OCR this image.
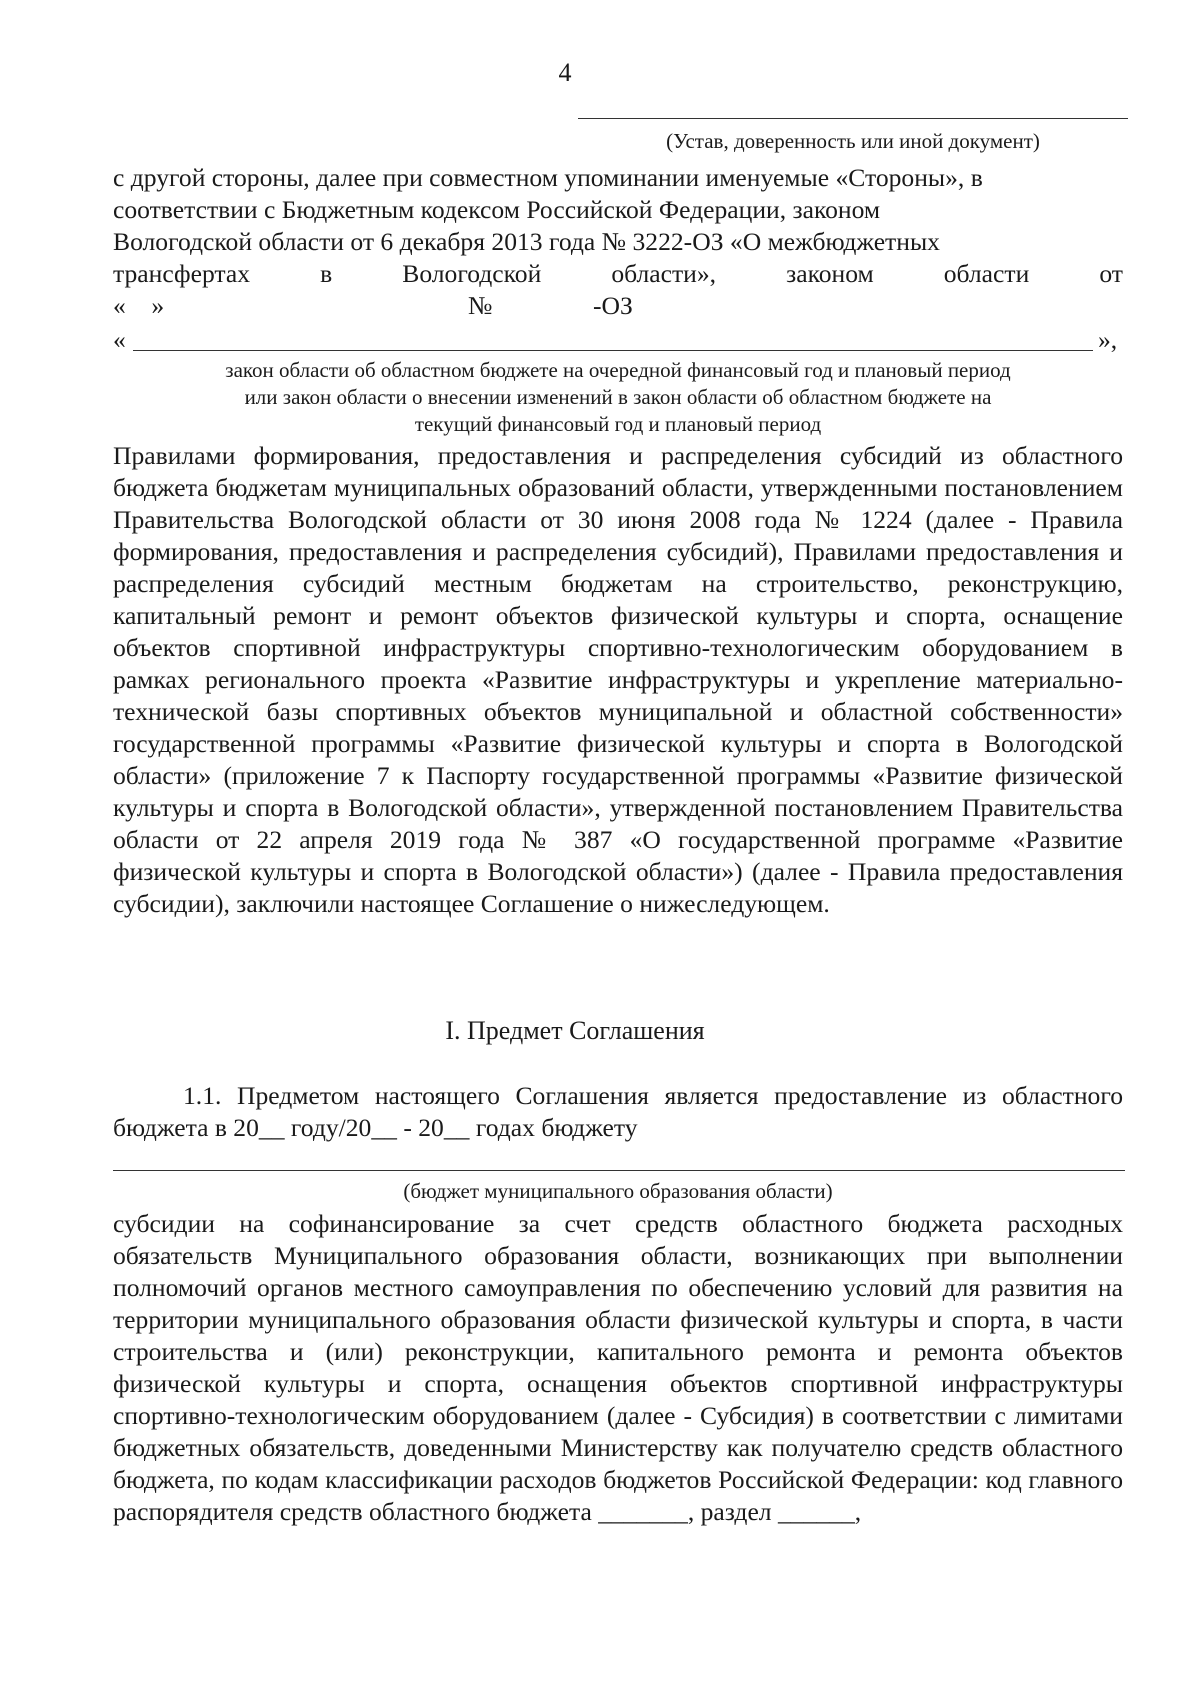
4
(Устав, доверенность или иной документ)
с другой стороны, далее при совместном упоминании именуемые «Стороны», в
соответствии с Бюджетным кодексом Российской Федерации, законом
Вологодской области от 6 декабря 2013 года № 3222-ОЗ «О межбюджетных
трансфертах	в	Вологодской	области»,	законом	области	от
«    »	№	-ОЗ
«	»,
закон области об областном бюджете на очередной финансовый год и плановый период
или закон области о внесении изменений в закон области об областном бюджете на
текущий финансовый год и плановый период

Правилами формирования, предоставления и распределения субсидий из областного бюджета бюджетам муниципальных образований области, утвержденными постановлением Правительства Вологодской области от 30 июня 2008 года № 1224 (далее - Правила формирования, предоставления и распределения субсидий), Правилами предоставления и распределения субсидий местным бюджетам на строительство, реконструкцию, капитальный ремонт и ремонт объектов физической культуры и спорта, оснащение объектов спортивной инфраструктуры спортивно-технологическим оборудованием в рамках регионального проекта «Развитие инфраструктуры и укрепление материально-технической базы спортивных объектов муниципальной и областной собственности» государственной программы «Развитие физической культуры и спорта в Вологодской области» (приложение 7 к Паспорту государственной программы «Развитие физической культуры и спорта в Вологодской области», утвержденной постановлением Правительства области от 22 апреля 2019 года № 387 «О государственной программе «Развитие физической культуры и спорта в Вологодской области») (далее - Правила предоставления субсидии), заключили настоящее Соглашение о нижеследующем.

I. Предмет Соглашения

1.1. Предметом настоящего Соглашения является предоставление из областного бюджета в 20__ году/20__ - 20__ годах бюджету

(бюджет муниципального образования области)

субсидии на софинансирование за счет средств областного бюджета расходных обязательств Муниципального образования области, возникающих при выполнении полномочий органов местного самоуправления по обеспечению условий для развития на территории муниципального образования области физической культуры и спорта, в части строительства и (или) реконструкции, капитального ремонта и ремонта объектов физической культуры и спорта, оснащения объектов спортивной инфраструктуры спортивно-технологическим оборудованием (далее - Субсидия) в соответствии с лимитами бюджетных обязательств, доведенными Министерству как получателю средств областного бюджета, по кодам классификации расходов бюджетов Российской Федерации: код главного распорядителя средств областного бюджета _______, раздел ______,
